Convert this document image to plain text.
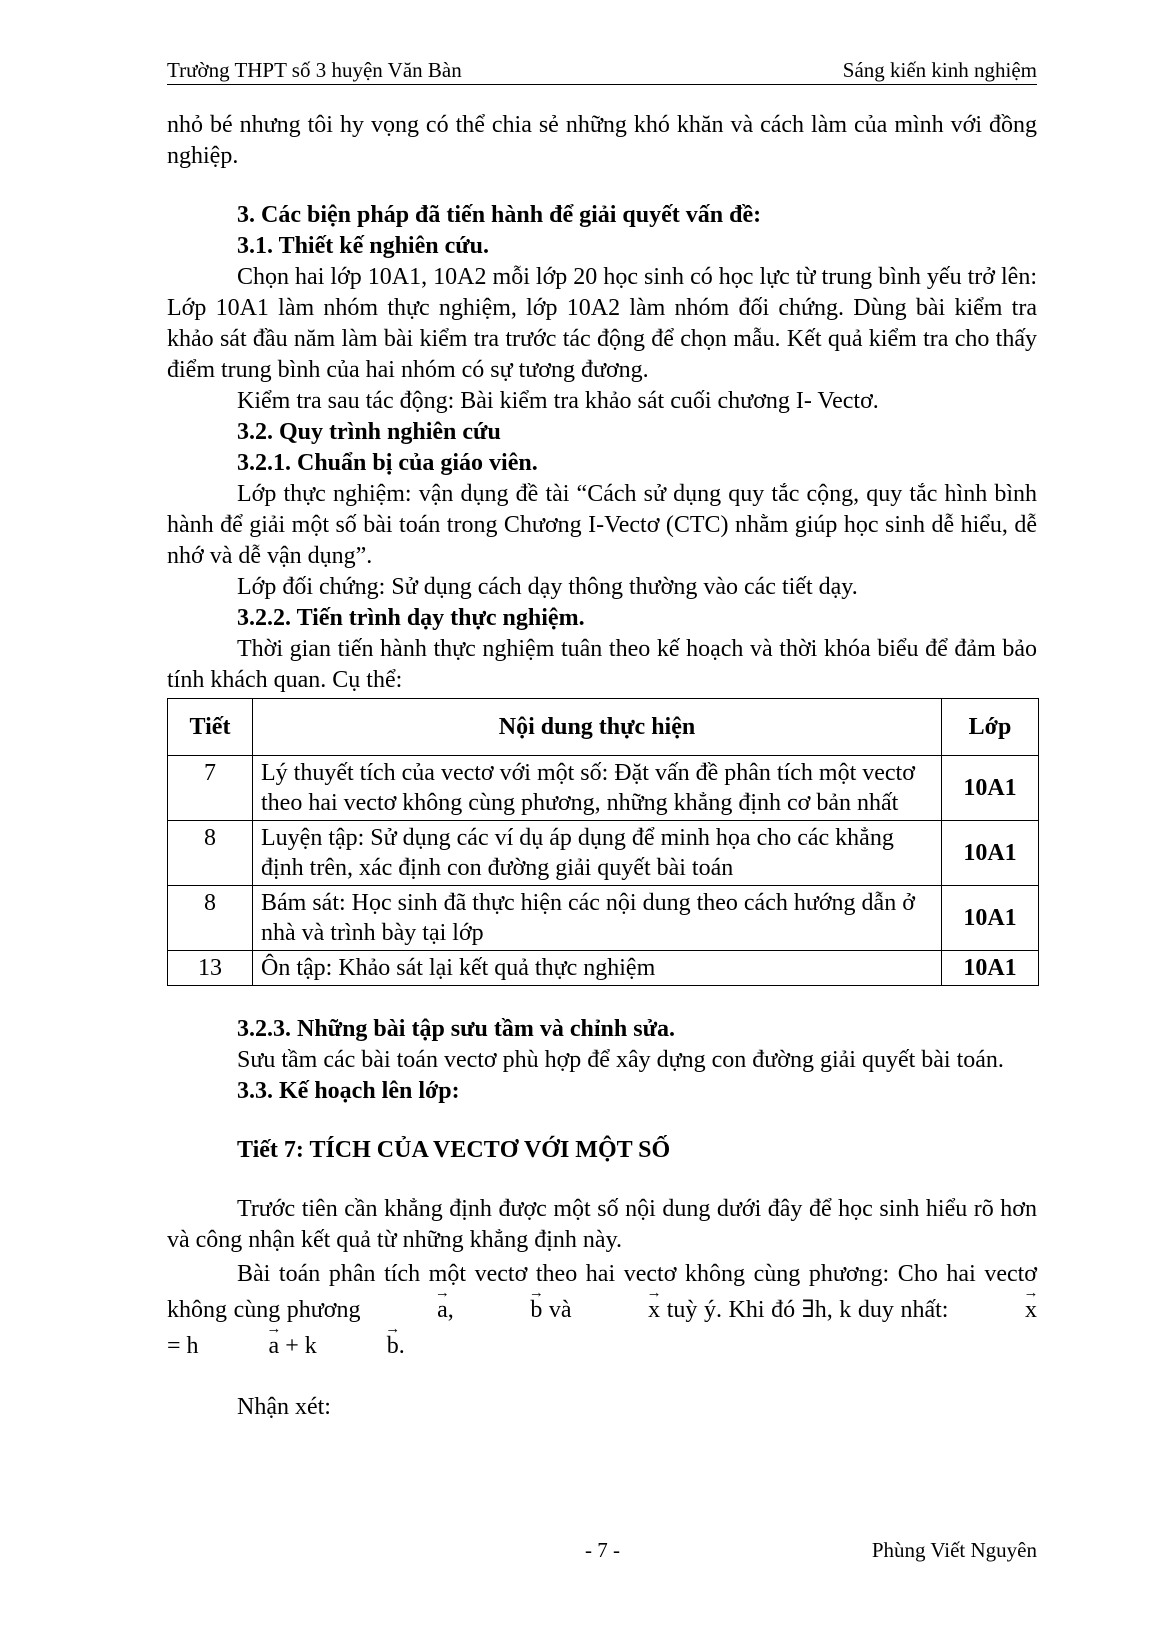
Trường THPT số 3 huyện Văn Bàn	Sáng kiến kinh nghiệm

nhỏ bé nhưng tôi hy vọng có thể chia sẻ những khó khăn và cách làm của mình với đồng nghiệp.

3. Các biện pháp đã tiến hành để giải quyết vấn đề:

3.1. Thiết kế nghiên cứu.

Chọn hai lớp 10A1, 10A2 mỗi lớp 20 học sinh có học lực từ trung bình yếu trở lên: Lớp 10A1 làm nhóm thực nghiệm, lớp 10A2 làm nhóm đối chứng. Dùng bài kiểm tra khảo sát đầu năm làm bài kiểm tra trước tác động để chọn mẫu. Kết quả kiểm tra cho thấy điểm trung bình của hai nhóm có sự tương đương.

Kiểm tra sau tác động: Bài kiểm tra khảo sát cuối chương I- Vectơ.

3.2. Quy trình nghiên cứu

3.2.1. Chuẩn bị của giáo viên.

Lớp thực nghiệm: vận dụng đề tài “Cách sử dụng quy tắc cộng, quy tắc hình bình hành để giải một số bài toán trong Chương I-Vectơ (CTC) nhằm giúp học sinh dễ hiểu, dễ nhớ và dễ vận dụng”.

Lớp đối chứng: Sử dụng cách dạy thông thường vào các tiết dạy.

3.2.2. Tiến trình dạy thực nghiệm.

Thời gian tiến hành thực nghiệm tuân theo kế hoạch và thời khóa biểu để đảm bảo tính khách quan. Cụ thể:

Tiết	Nội dung thực hiện	Lớp
7	Lý thuyết tích của vectơ với một số: Đặt vấn đề phân tích một vectơ theo hai vectơ không cùng phương, những khẳng định cơ bản nhất	10A1
8	Luyện tập: Sử dụng các ví dụ áp dụng để minh họa cho các khẳng định trên, xác định con đường giải quyết bài toán	10A1
8	Bám sát: Học sinh đã thực hiện các nội dung theo cách hướng dẫn ở nhà và trình bày tại lớp	10A1
13	Ôn tập: Khảo sát lại kết quả thực nghiệm	10A1

3.2.3. Những bài tập sưu tầm và chỉnh sửa.

Sưu tầm các bài toán vectơ phù hợp để xây dựng con đường giải quyết bài toán.

3.3. Kế hoạch lên lớp:

Tiết 7: TÍCH CỦA VECTƠ VỚI MỘT SỐ

Trước tiên cần khẳng định được một số nội dung dưới đây để học sinh hiểu rõ hơn và công nhận kết quả từ những khẳng định này.

Bài toán phân tích một vectơ theo hai vectơ không cùng phương: Cho hai vectơ không cùng phương	→ a,	→ b và	→ x tuỳ ý. Khi đó ∃h, k duy nhất:	→ x = h	→ a + k	→ b.

Nhận xét:

- 7 -	Phùng Viết Nguyên
